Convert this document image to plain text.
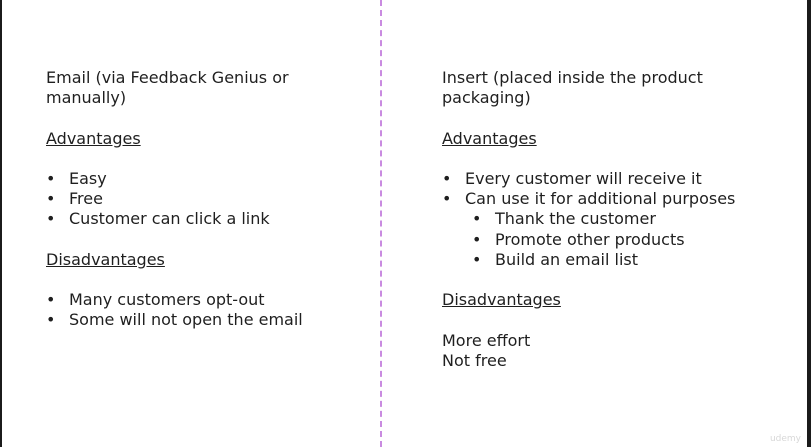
Email (via Feedback Genius or
manually)

Advantages

• Easy
• Free
• Customer can click a link

Disadvantages

• Many customers opt-out
• Some will not open the email

Insert (placed inside the product
packaging)

Advantages

• Every customer will receive it
• Can use it for additional purposes
• Thank the customer
• Promote other products
• Build an email list

Disadvantages

More effort

Not free

udemy
